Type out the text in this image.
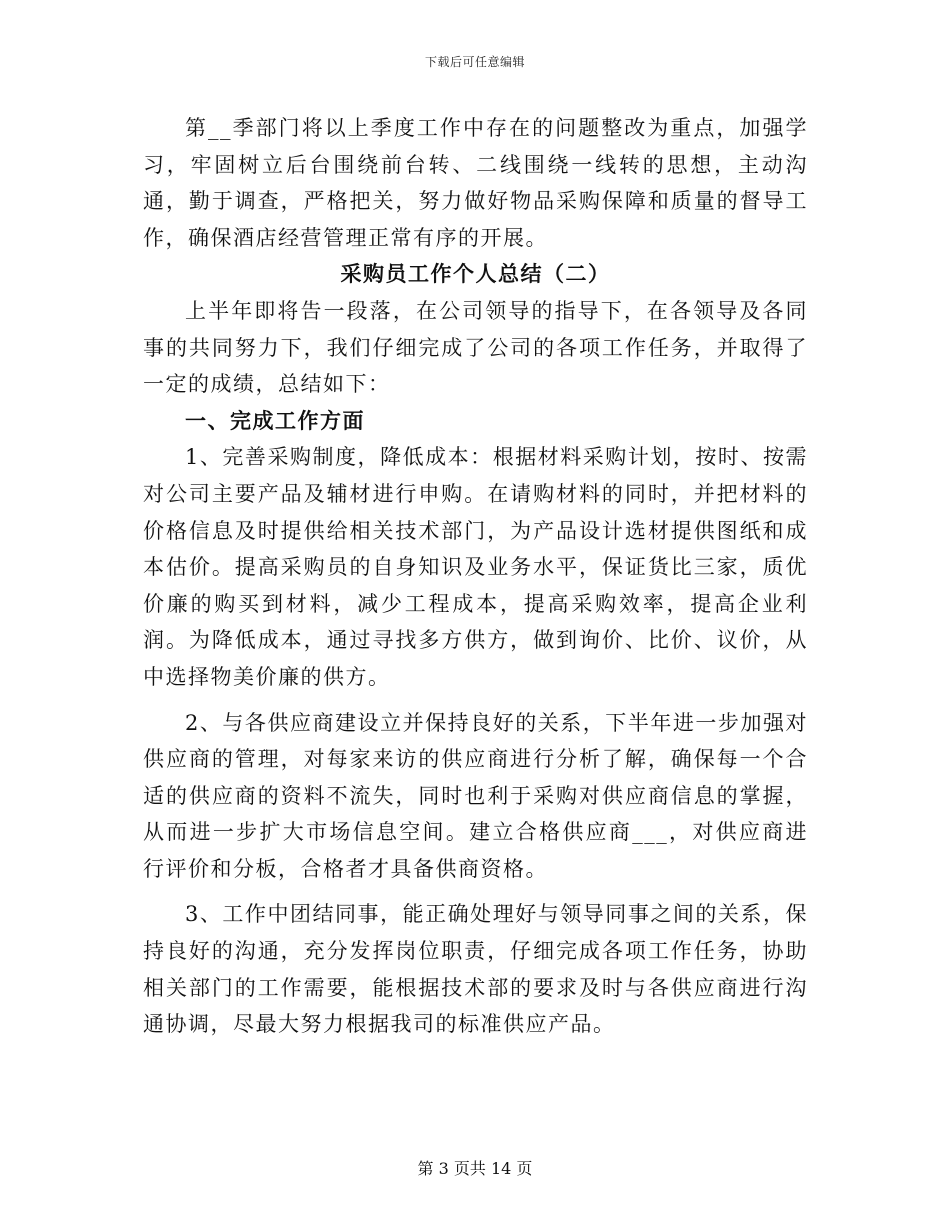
下载后可任意编辑

第__季部门将以上季度工作中存在的问题整改为重点，加强学习，牢固树立后台围绕前台转、二线围绕一线转的思想，主动沟通，勤于调查，严格把关，努力做好物品采购保障和质量的督导工作，确保酒店经营管理正常有序的开展。

采购员工作个人总结（二）

上半年即将告一段落，在公司领导的指导下，在各领导及各同事的共同努力下，我们仔细完成了公司的各项工作任务，并取得了一定的成绩，总结如下：

一、完成工作方面

1、完善采购制度，降低成本：根据材料采购计划，按时、按需对公司主要产品及辅材进行申购。在请购材料的同时，并把材料的价格信息及时提供给相关技术部门，为产品设计选材提供图纸和成本估价。提高采购员的自身知识及业务水平，保证货比三家，质优价廉的购买到材料，减少工程成本，提高采购效率，提高企业利润。为降低成本，通过寻找多方供方，做到询价、比价、议价，从中选择物美价廉的供方。

2、与各供应商建设立并保持良好的关系，下半年进一步加强对供应商的管理，对每家来访的供应商进行分析了解，确保每一个合适的供应商的资料不流失，同时也利于采购对供应商信息的掌握，从而进一步扩大市场信息空间。建立合格供应商___，对供应商进行评价和分板，合格者才具备供商资格。

3、工作中团结同事，能正确处理好与领导同事之间的关系，保持良好的沟通，充分发挥岗位职责，仔细完成各项工作任务，协助相关部门的工作需要，能根据技术部的要求及时与各供应商进行沟通协调，尽最大努力根据我司的标准供应产品。

第 3 页共 14 页
